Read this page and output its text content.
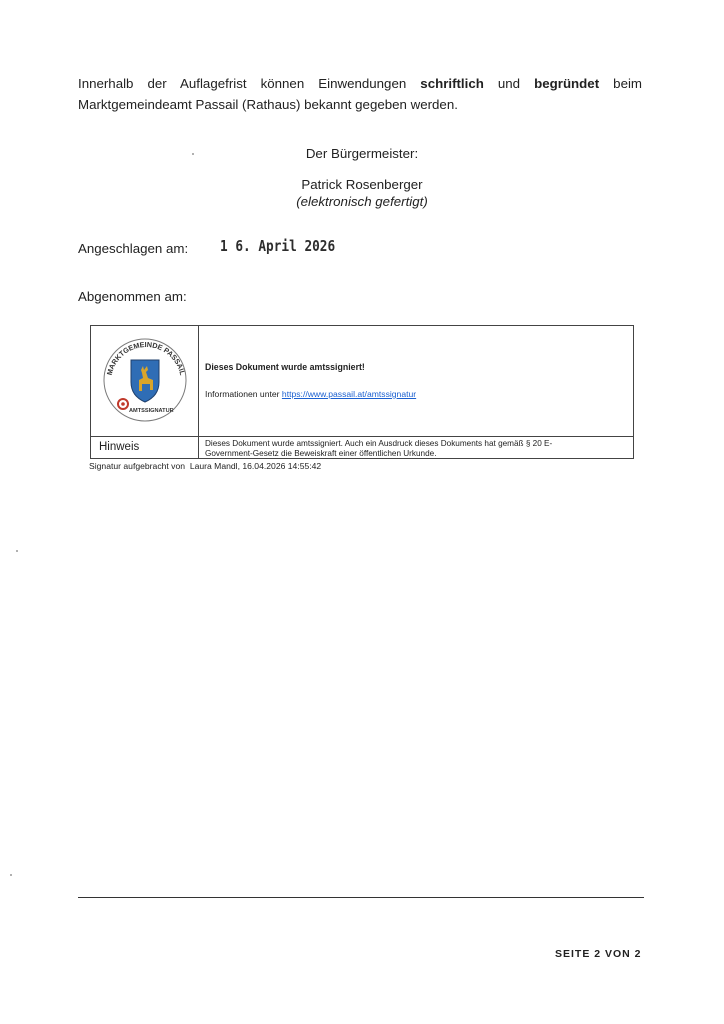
Innerhalb der Auflagefrist können Einwendungen schriftlich und begründet beim
Marktgemeindeamt Passail (Rathaus) bekannt gegeben werden.
Der Bürgermeister:
Patrick Rosenberger
(elektronisch gefertigt)
Angeschlagen am: 1 6. April 2026
Abgenommen am:
MARKTGEMEINDE PASSAIL
AMTSSIGNATUR
Dieses Dokument wurde amtssigniert!
Informationen unter https://www.passail.at/amtssignatur
Hinweis	Dieses Dokument wurde amtssigniert. Auch ein Ausdruck dieses Dokuments hat gemäß § 20 E-
Government-Gesetz die Beweiskraft einer öffentlichen Urkunde.
Signatur aufgebracht von Laura Mandl, 16.04.2026 14:55:42
SEITE 2 VON 2
